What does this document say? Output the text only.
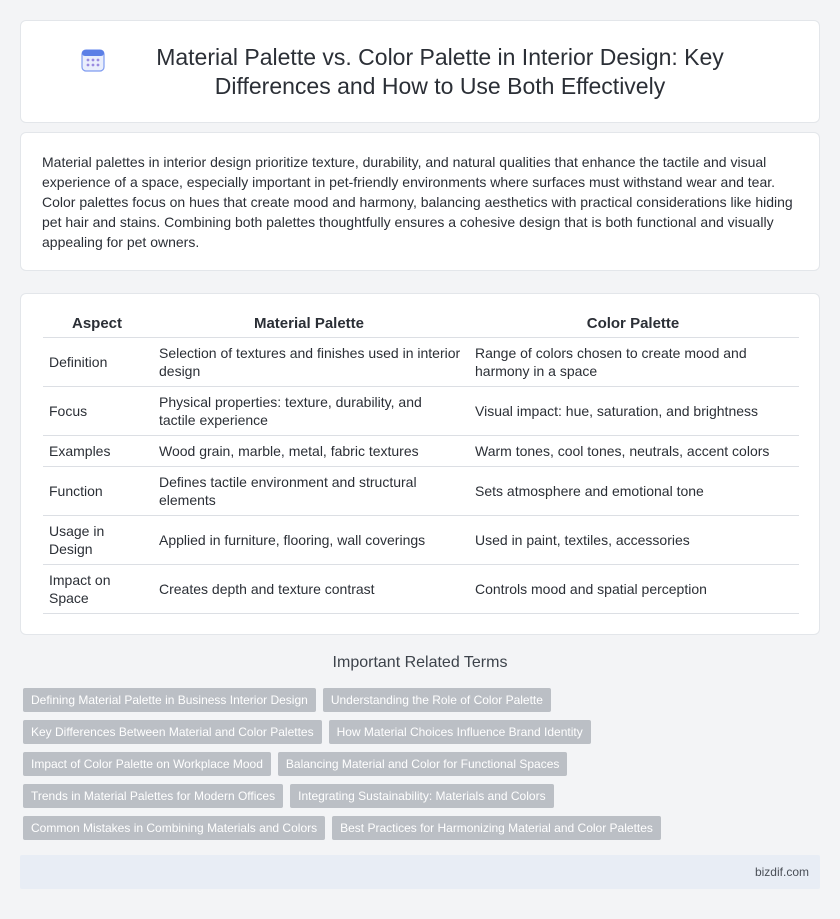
Material Palette vs. Color Palette in Interior Design: Key Differences and How to Use Both Effectively

Material palettes in interior design prioritize texture, durability, and natural qualities that enhance the tactile and visual experience of a space, especially important in pet-friendly environments where surfaces must withstand wear and tear. Color palettes focus on hues that create mood and harmony, balancing aesthetics with practical considerations like hiding pet hair and stains. Combining both palettes thoughtfully ensures a cohesive design that is both functional and visually appealing for pet owners.

Aspect	Material Palette	Color Palette
Definition	Selection of textures and finishes used in interior design	Range of colors chosen to create mood and harmony in a space
Focus	Physical properties: texture, durability, and tactile experience	Visual impact: hue, saturation, and brightness
Examples	Wood grain, marble, metal, fabric textures	Warm tones, cool tones, neutrals, accent colors
Function	Defines tactile environment and structural elements	Sets atmosphere and emotional tone
Usage in Design	Applied in furniture, flooring, wall coverings	Used in paint, textiles, accessories
Impact on Space	Creates depth and texture contrast	Controls mood and spatial perception
Important Related Terms
Defining Material Palette in Business Interior Design	Understanding the Role of Color Palette
Key Differences Between Material and Color Palettes	How Material Choices Influence Brand Identity
Impact of Color Palette on Workplace Mood	Balancing Material and Color for Functional Spaces
Trends in Material Palettes for Modern Offices	Integrating Sustainability: Materials and Colors
Common Mistakes in Combining Materials and Colors	Best Practices for Harmonizing Material and Color Palettes
bizdif.com
